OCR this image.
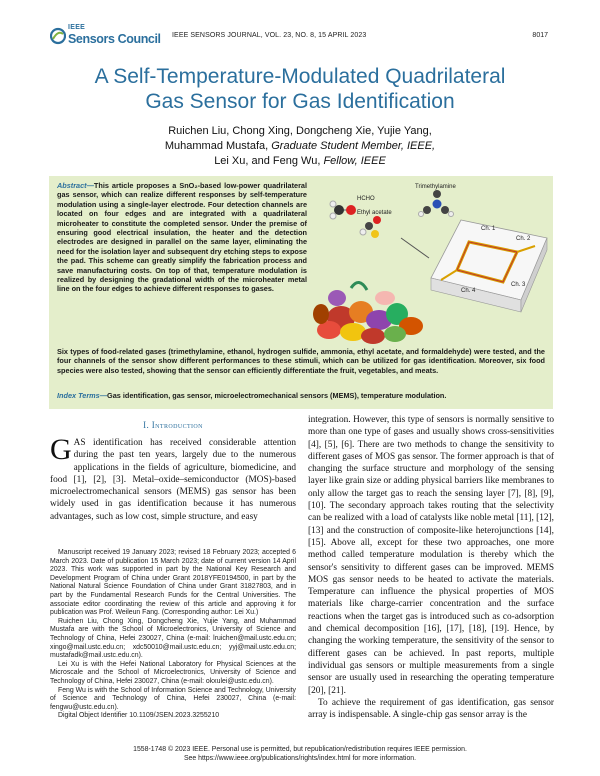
IEEE
Sensors Council IEEE SENSORS JOURNAL, VOL. 23, NO. 8, 15 APRIL 2023	8017
A Self-Temperature-Modulated Quadrilateral
Gas Sensor for Gas Identification
Ruichen Liu, Chong Xing, Dongcheng Xie, Yujie Yang,
Muhammad Mustafa, Graduate Student Member, IEEE,
Lei Xu, and Feng Wu, Fellow, IEEE
Abstract—This article proposes a SnO₂-based low-power quadrilateral gas sensor, which can realize different responses by self-temperature modulation using a single-layer electrode. Four detection channels are located on four edges and are integrated with a quadrilateral microheater to constitute the completed sensor. Under the premise of ensuring good electrical insulation, the heater and the detection electrodes are designed in parallel on the same layer, eliminating the need for the isolation layer and subsequent dry etching steps to expose the pad. This scheme can greatly simplify the fabrication process and save manufacturing costs. On top of that, temperature modulation is realized by designing the gradational width of the microheater metal line on the four edges to achieve different responses to gases.
HCHO
Ethyl acetate
Trimethylamine
Ch. 1
Ch. 2
Ch. 3
Ch. 4
Six types of food-related gases (trimethylamine, ethanol, hydrogen sulfide, ammonia, ethyl acetate, and formaldehyde) were tested, and the four channels of the sensor show different performances to these stimuli, which can be utilized for gas identification. Moreover, six food species were also tested, showing that the sensor can efficiently differentiate the fruit, vegetables, and meats.
Index Terms—Gas identification, gas sensor, microelectromechanical sensors (MEMS), temperature modulation.
I. Introduction
GAS identification has received considerable attention during the past ten years, largely due to the numerous applications in the fields of agriculture, biomedicine, and food [1], [2], [3]. Metal–oxide–semiconductor (MOS)-based microelectromechanical sensors (MEMS) gas sensor has been widely used in gas identification because it has numerous advantages, such as low cost, simple structure, and easy

Manuscript received 19 January 2023; revised 18 February 2023; accepted 6 March 2023. Date of publication 15 March 2023; date of current version 14 April 2023. This work was supported in part by the National Key Research and Development Program of China under Grant 2018YFE0194500, in part by the National Natural Science Foundation of China under Grant 31827803, and in part by the Fundamental Research Funds for the Central Universities. The associate editor coordinating the review of this article and approving it for publication was Prof. Weileun Fang. (Corresponding author: Lei Xu.)

Ruichen Liu, Chong Xing, Dongcheng Xie, Yujie Yang, and Muhammad Mustafa are with the School of Microelectronics, University of Science and Technology of China, Hefei 230027, China (e-mail: lruichen@mail.ustc.edu.cn; xingo@mail.ustc.edu.cn; xdc50010@mail.ustc.edu.cn; yyj@mail.ustc.edu.cn; mustafadk@mail.ustc.edu.cn).

Lei Xu is with the Hefei National Laboratory for Physical Sciences at the Microscale and the School of Microelectronics, University of Science and Technology of China, Hefei 230027, China (e-mail: okxulei@ustc.edu.cn).

Feng Wu is with the School of Information Science and Technology, University of Science and Technology of China, Hefei 230027, China (e-mail: fengwu@ustc.edu.cn).

Digital Object Identifier 10.1109/JSEN.2023.3255210

integration. However, this type of sensors is normally sensitive to more than one type of gases and usually shows cross-sensitivities [4], [5], [6]. There are two methods to change the sensitivity to different gases of MOS gas sensor. The former approach is that of changing the surface structure and morphology of the sensing layer like grain size or adding physical barriers like membranes to only allow the target gas to reach the sensing layer [7], [8], [9], [10]. The secondary approach takes routing that the selectivity can be realized with a load of catalysts like noble metal [11], [12], [13] and the construction of composite-like heterojunctions [14], [15]. Above all, except for these two approaches, one more method called temperature modulation is thereby which the sensor's sensitivity to different gases can be improved. MEMS MOS gas sensor needs to be heated to activate the materials. Temperature can influence the physical properties of MOS materials like charge-carrier concentration and the surface reactions when the target gas is introduced such as co-adsorption and chemical decomposition [16], [17], [18], [19]. Hence, by changing the working temperature, the sensitivity of the sensor to different gases can be achieved. In past reports, multiple individual gas sensors or multiple measurements from a single sensor are usually used in researching the operating temperature [20], [21].

To achieve the requirement of gas identification, gas sensor array is indispensable. A single-chip gas sensor array is the

1558-1748 © 2023 IEEE. Personal use is permitted, but republication/redistribution requires IEEE permission.
See https://www.ieee.org/publications/rights/index.html for more information.
